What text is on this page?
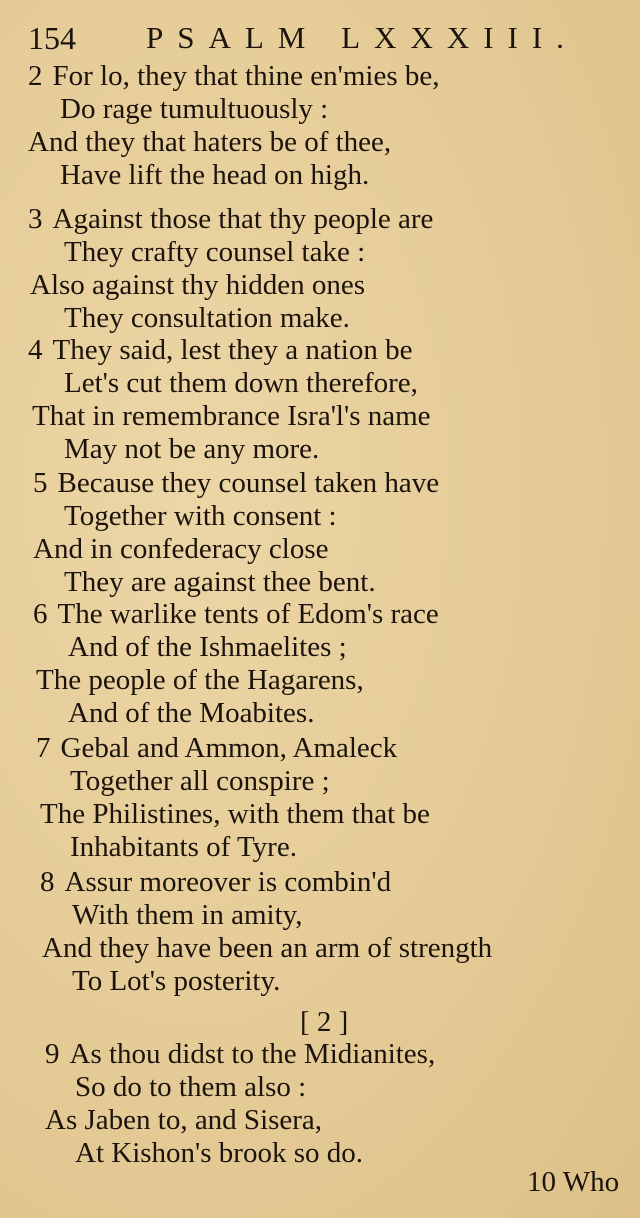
154 PSALM LXXXIII.
2 For lo, they that thine en'mies be,
Do rage tumultuously :
And they that haters be of thee,
Have lift the head on high.
3 Against those that thy people are
They crafty counsel take :
Also against thy hidden ones
They consultation make.
4 They said, lest they a nation be
Let's cut them down therefore,
That in remembrance Isra'l's name
May not be any more.
5 Because they counsel taken have
Together with consent :
And in confederacy close
They are against thee bent.
6 The warlike tents of Edom's race
And of the Ishmaelites ;
The people of the Hagarens,
And of the Moabites.
7 Gebal and Ammon, Amaleck
Together all conspire ;
The Philistines, with them that be
Inhabitants of Tyre.
8 Assur moreover is combin'd
With them in amity,
And they have been an arm of strength
To Lot's posterity.
9 As thou didst to the Midianites,
So do to them also :
As Jaben to, and Sisera,
At Kishon's brook so do.
[ 2 ]
10 Who
